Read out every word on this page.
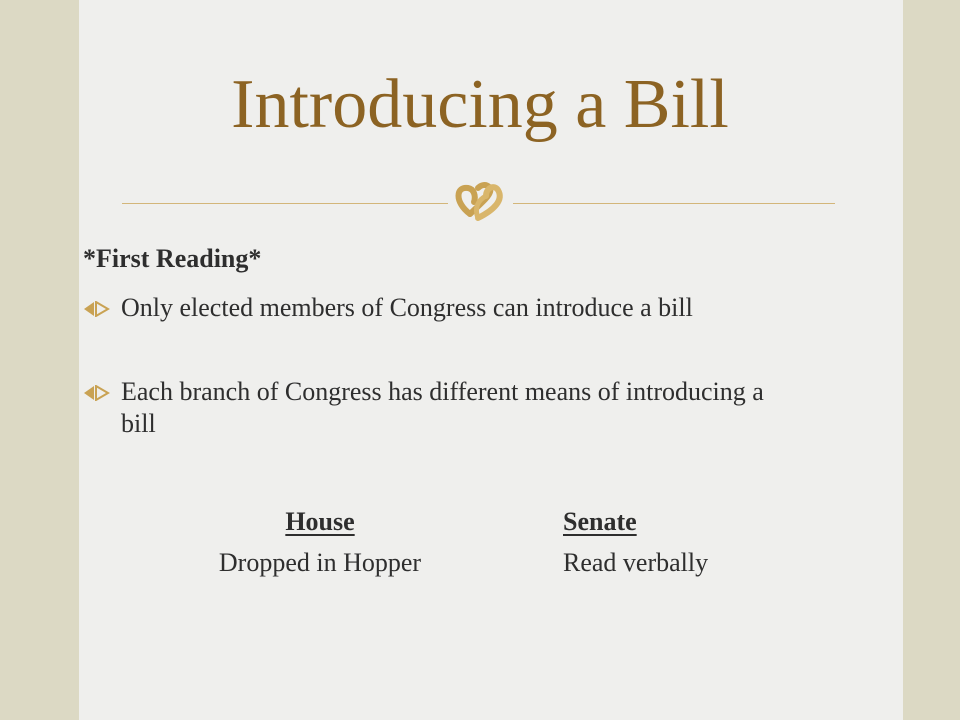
Introducing a Bill
*First Reading*
Only elected members of Congress can introduce a bill
Each branch of Congress has different means of introducing a bill
House
Dropped in Hopper
Senate
Read verbally
